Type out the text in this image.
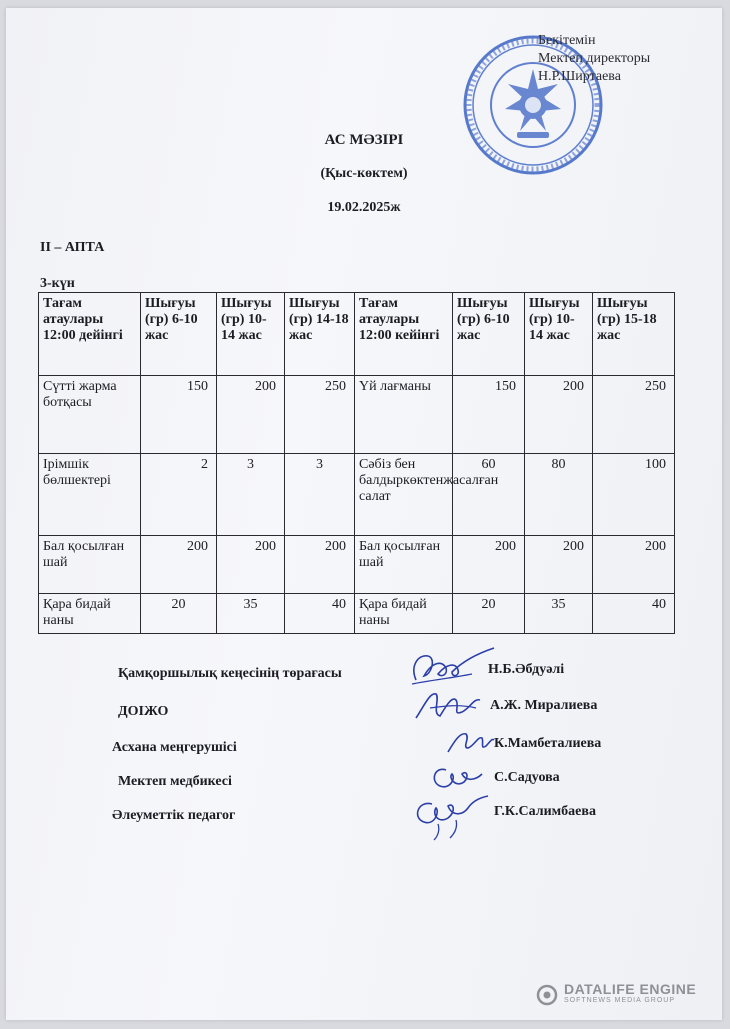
Бекітемін
Мектеп директоры
Н.Р.Ширтаева
АС МӘЗІРІ
(Қыс-көктем)
19.02.2025ж
II – АПТА
3-күн
Тағам атаулары 12:00 дейінгі	Шығуы (гр) 6-10 жас	Шығуы (гр) 10-14 жас	Шығуы (гр) 14-18 жас	Тағам атаулары 12:00 кейінгі	Шығуы (гр) 6-10 жас	Шығуы (гр) 10-14 жас	Шығуы (гр) 15-18 жас
Сүтті жарма ботқасы	150	200	250	Үй лағманы	150	200	250
Ірімшік бөлшектері	2	3	3	Сәбіз бен балдыркөктенжасалған салат	60	80	100
Бал қосылған шай	200	200	200	Бал қосылған шай	200	200	200
Қара бидай наны	20	35	40	Қара бидай наны	20	35	40
Қамқоршылық кеңесінің төрағасы
ДОІЖО
Асхана меңгерушісі
Мектеп медбикесі
Әлеуметтік педагог
Н.Б.Әбдуәлі
А.Ж. Миралиева
К.Мамбеталиева
С.Садуова
Г.К.Салимбаева
DATALIFE ENGINE
SOFTNEWS MEDIA GROUP
